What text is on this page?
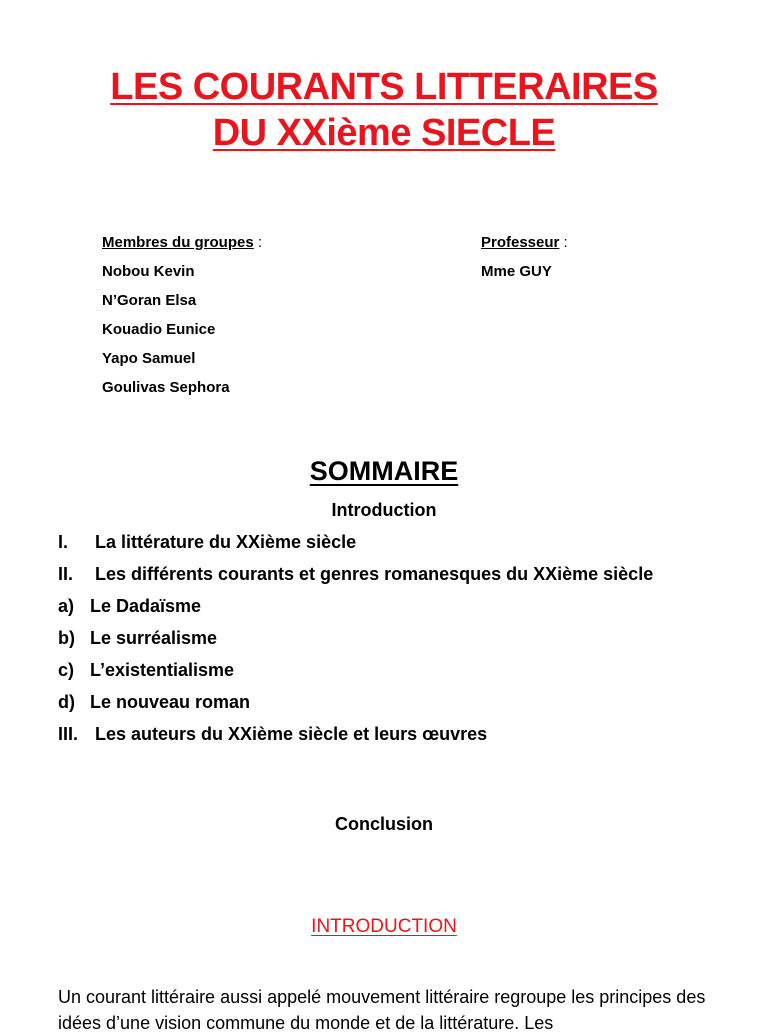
LES COURANTS LITTERAIRES
DU XXième SIECLE
Membres du groupes :
Nobou Kevin
N’Goran Elsa
Kouadio Eunice
Yapo Samuel
Goulivas Sephora
Professeur :
Mme GUY
SOMMAIRE
Introduction
I.	La littérature du XXième siècle
II.	Les différents courants et genres romanesques du XXième siècle
a) Le Dadaïsme
b) Le surréalisme
c) L’existentialisme
d) Le nouveau roman
III. Les auteurs du XXième siècle et leurs œuvres
Conclusion
INTRODUCTION
Un courant littéraire aussi appelé mouvement littéraire regroupe les principes des idées d’une vision commune du monde et de la littérature. Les
